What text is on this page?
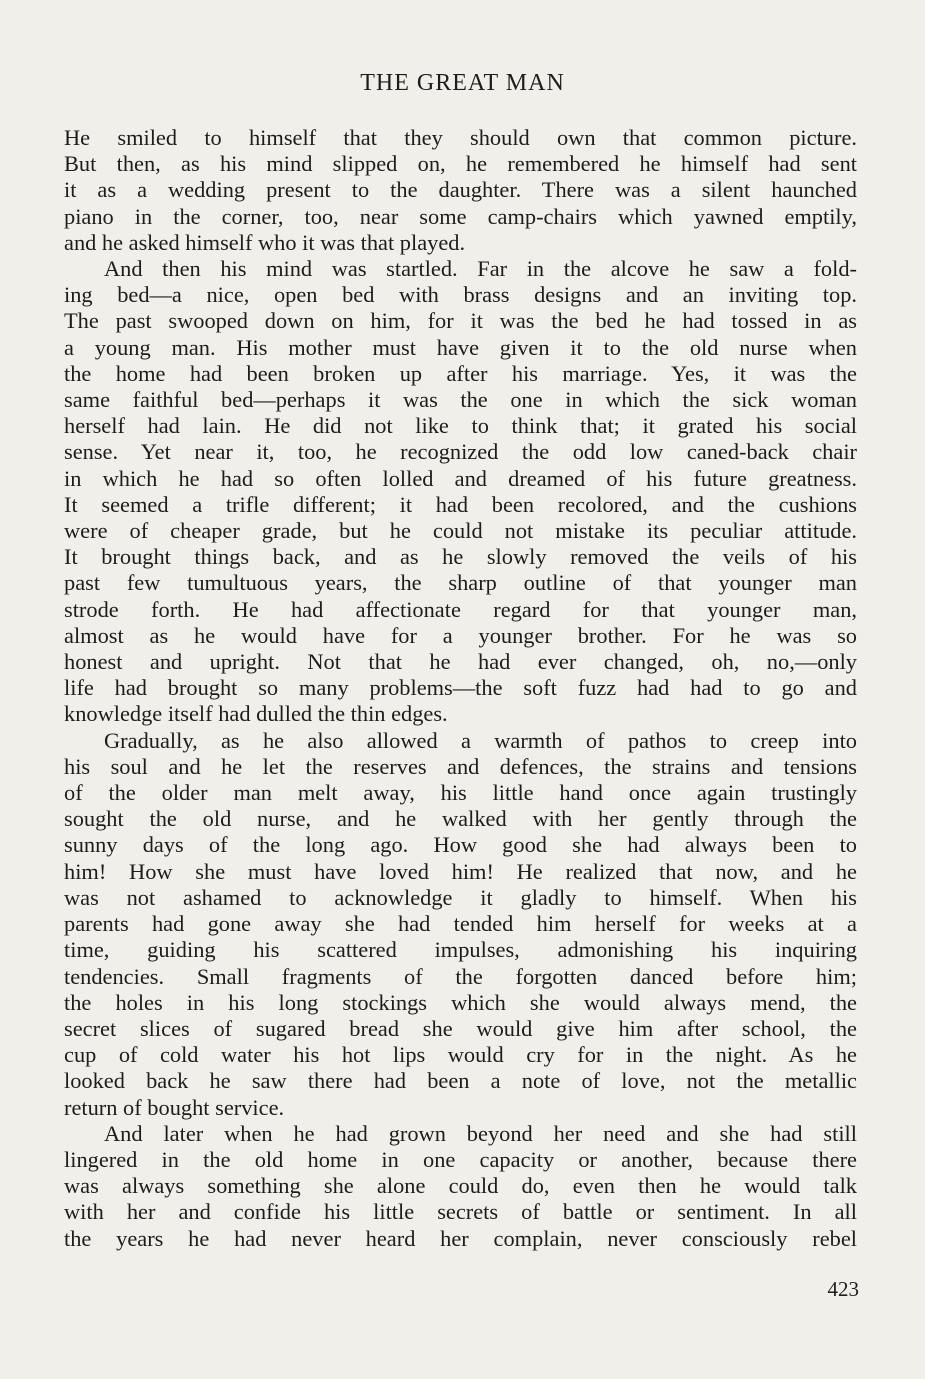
THE GREAT MAN
He smiled to himself that they should own that common picture.
But then, as his mind slipped on, he remembered he himself had sent
it as a wedding present to the daughter. There was a silent haunched
piano in the corner, too, near some camp-chairs which yawned emptily,
and he asked himself who it was that played.
And then his mind was startled. Far in the alcove he saw a fold-
ing bed—a nice, open bed with brass designs and an inviting top.
The past swooped down on him, for it was the bed he had tossed in as
a young man. His mother must have given it to the old nurse when
the home had been broken up after his marriage. Yes, it was the
same faithful bed—perhaps it was the one in which the sick woman
herself had lain. He did not like to think that; it grated his social
sense. Yet near it, too, he recognized the odd low caned-back chair
in which he had so often lolled and dreamed of his future greatness.
It seemed a trifle different; it had been recolored, and the cushions
were of cheaper grade, but he could not mistake its peculiar attitude.
It brought things back, and as he slowly removed the veils of his
past few tumultuous years, the sharp outline of that younger man
strode forth. He had affectionate regard for that younger man,
almost as he would have for a younger brother. For he was so
honest and upright. Not that he had ever changed, oh, no,—only
life had brought so many problems—the soft fuzz had had to go and
knowledge itself had dulled the thin edges.
Gradually, as he also allowed a warmth of pathos to creep into
his soul and he let the reserves and defences, the strains and tensions
of the older man melt away, his little hand once again trustingly
sought the old nurse, and he walked with her gently through the
sunny days of the long ago. How good she had always been to
him! How she must have loved him! He realized that now, and he
was not ashamed to acknowledge it gladly to himself. When his
parents had gone away she had tended him herself for weeks at a
time, guiding his scattered impulses, admonishing his inquiring
tendencies. Small fragments of the forgotten danced before him;
the holes in his long stockings which she would always mend, the
secret slices of sugared bread she would give him after school, the
cup of cold water his hot lips would cry for in the night. As he
looked back he saw there had been a note of love, not the metallic
return of bought service.
And later when he had grown beyond her need and she had still
lingered in the old home in one capacity or another, because there
was always something she alone could do, even then he would talk
with her and confide his little secrets of battle or sentiment. In all
the years he had never heard her complain, never consciously rebel
423
